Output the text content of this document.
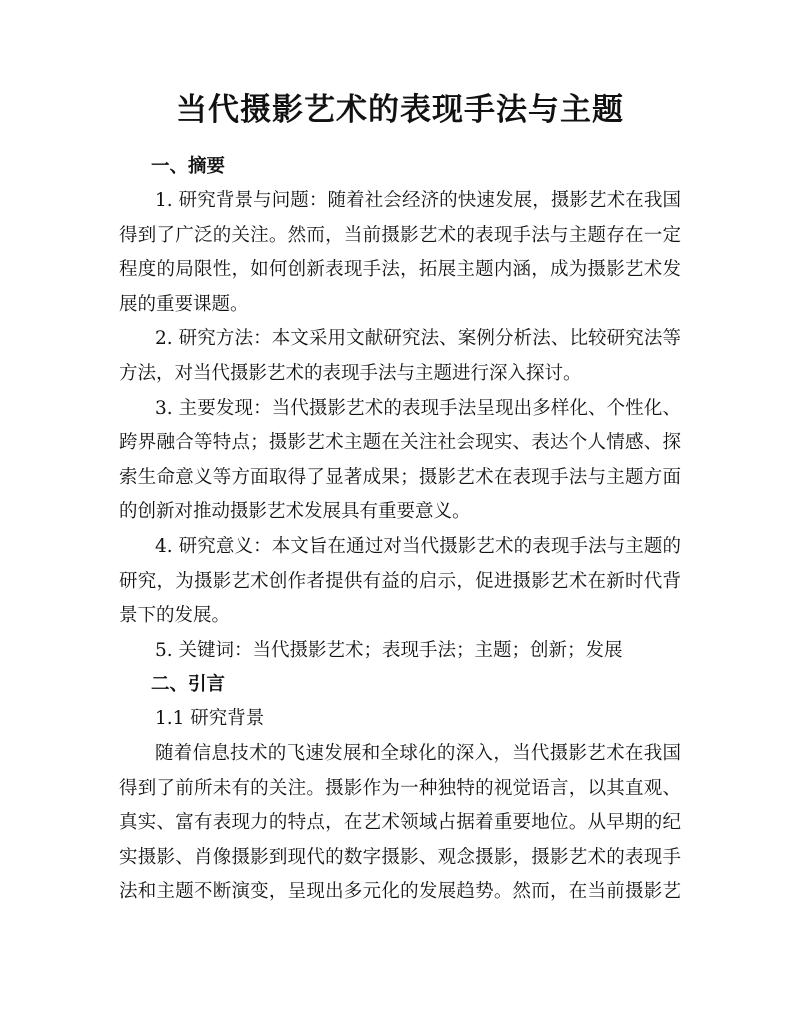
当代摄影艺术的表现手法与主题
一、摘要
1. 研究背景与问题：随着社会经济的快速发展，摄影艺术在我国
得到了广泛的关注。然而，当前摄影艺术的表现手法与主题存在一定
程度的局限性，如何创新表现手法，拓展主题内涵，成为摄影艺术发
展的重要课题。
2. 研究方法：本文采用文献研究法、案例分析法、比较研究法等
方法，对当代摄影艺术的表现手法与主题进行深入探讨。
3. 主要发现：当代摄影艺术的表现手法呈现出多样化、个性化、
跨界融合等特点；摄影艺术主题在关注社会现实、表达个人情感、探
索生命意义等方面取得了显著成果；摄影艺术在表现手法与主题方面
的创新对推动摄影艺术发展具有重要意义。
4. 研究意义：本文旨在通过对当代摄影艺术的表现手法与主题的
研究，为摄影艺术创作者提供有益的启示，促进摄影艺术在新时代背
景下的发展。
5. 关键词：当代摄影艺术；表现手法；主题；创新；发展
二、引言
1.1 研究背景
随着信息技术的飞速发展和全球化的深入，当代摄影艺术在我国
得到了前所未有的关注。摄影作为一种独特的视觉语言，以其直观、
真实、富有表现力的特点，在艺术领域占据着重要地位。从早期的纪
实摄影、肖像摄影到现代的数字摄影、观念摄影，摄影艺术的表现手
法和主题不断演变，呈现出多元化的发展趋势。然而，在当前摄影艺
